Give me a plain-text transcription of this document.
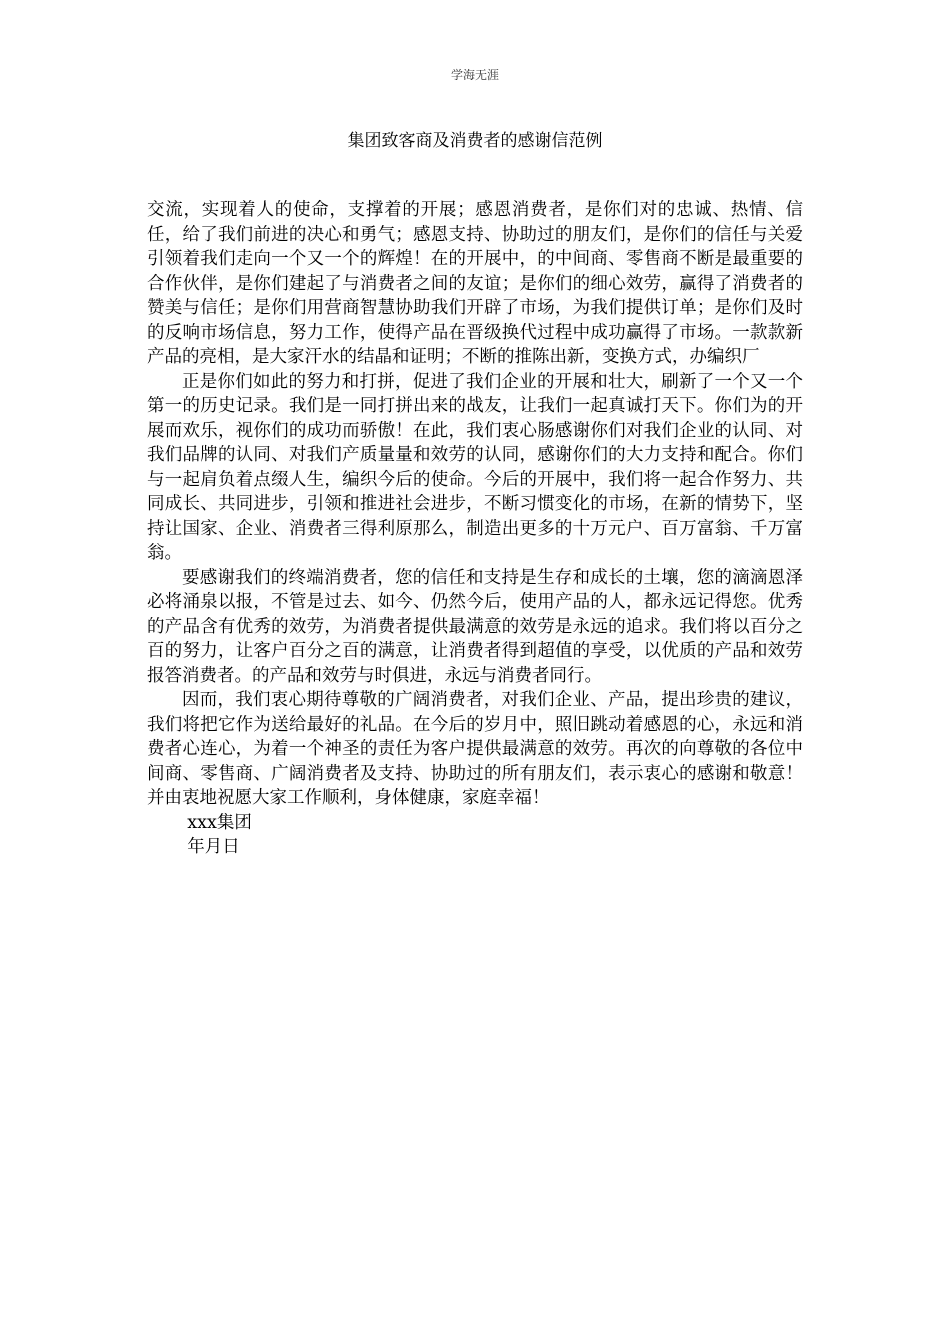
学海无涯
集团致客商及消费者的感谢信范例

交流，实现着人的使命，支撑着的开展；感恩消费者，是你们对的忠诚、热情、信任，给了我们前进的决心和勇气；感恩支持、协助过的朋友们，是你们的信任与关爱引领着我们走向一个又一个的辉煌！在的开展中，的中间商、零售商不断是最重要的合作伙伴，是你们建起了与消费者之间的友谊；是你们的细心效劳，赢得了消费者的赞美与信任；是你们用营商智慧协助我们开辟了市场，为我们提供订单；是你们及时的反响市场信息，努力工作，使得产品在晋级换代过程中成功赢得了市场。一款款新产品的亮相，是大家汗水的结晶和证明；不断的推陈出新，变换方式，办编织厂

正是你们如此的努力和打拼，促进了我们企业的开展和壮大，刷新了一个又一个第一的历史记录。我们是一同打拼出来的战友，让我们一起真诚打天下。你们为的开展而欢乐，视你们的成功而骄傲！在此，我们衷心肠感谢你们对我们企业的认同、对我们品牌的认同、对我们产质量量和效劳的认同，感谢你们的大力支持和配合。你们与一起肩负着点缀人生，编织今后的使命。今后的开展中，我们将一起合作努力、共同成长、共同进步，引领和推进社会进步，不断习惯变化的市场，在新的情势下，坚持让国家、企业、消费者三得利原那么，制造出更多的十万元户、百万富翁、千万富翁。

要感谢我们的终端消费者，您的信任和支持是生存和成长的土壤，您的滴滴恩泽必将涌泉以报，不管是过去、如今、仍然今后，使用产品的人，都永远记得您。优秀的产品含有优秀的效劳，为消费者提供最满意的效劳是永远的追求。我们将以百分之百的努力，让客户百分之百的满意，让消费者得到超值的享受，以优质的产品和效劳报答消费者。的产品和效劳与时俱进，永远与消费者同行。

因而，我们衷心期待尊敬的广阔消费者，对我们企业、产品，提出珍贵的建议，我们将把它作为送给最好的礼品。在今后的岁月中，照旧跳动着感恩的心，永远和消费者心连心，为着一个神圣的责任为客户提供最满意的效劳。再次的向尊敬的各位中间商、零售商、广阔消费者及支持、协助过的所有朋友们，表示衷心的感谢和敬意！并由衷地祝愿大家工作顺利，身体健康，家庭幸福！

xxx集团

年月日
